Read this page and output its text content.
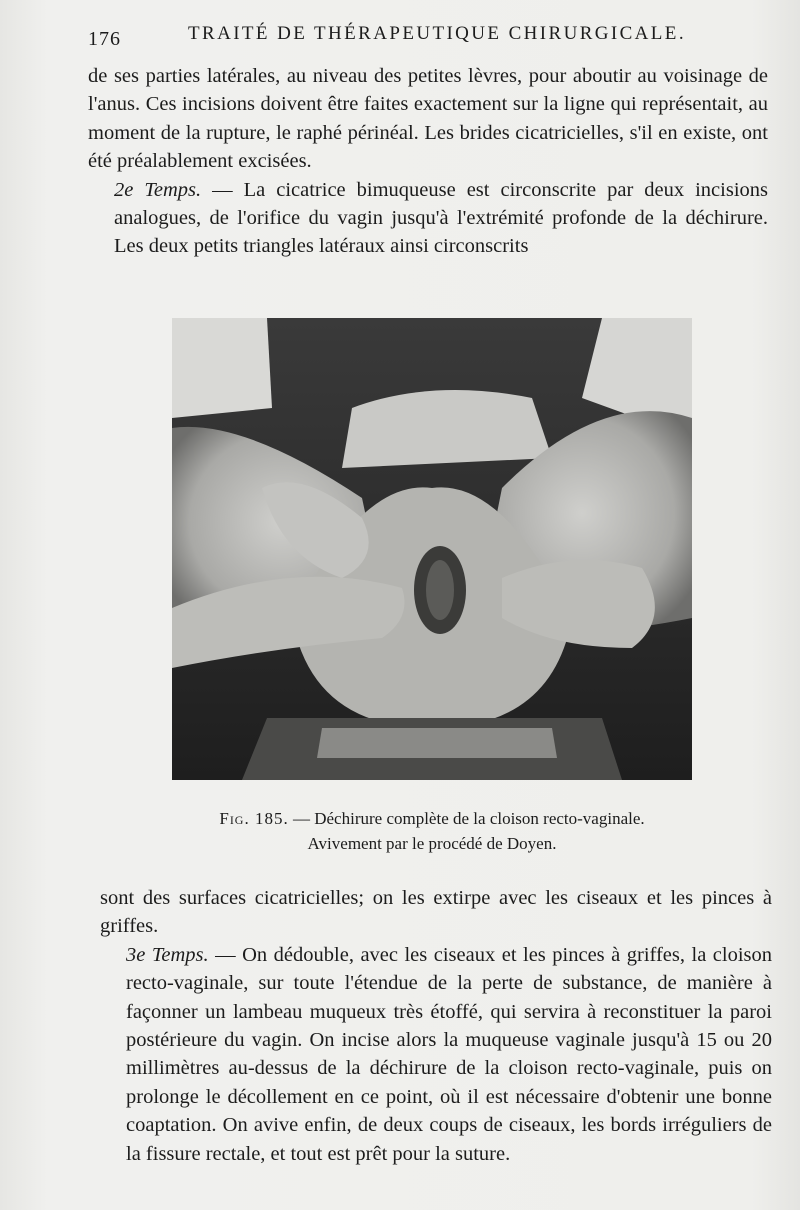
176	TRAITÉ DE THÉRAPEUTIQUE CHIRURGICALE.
de ses parties latérales, au niveau des petites lèvres, pour aboutir au voisinage de l'anus. Ces incisions doivent être faites exactement sur la ligne qui représentait, au moment de la rupture, le raphé périnéal. Les brides cicatricielles, s'il en existe, ont été préalablement excisées.
2e Temps. — La cicatrice bimuqueuse est circonscrite par deux incisions analogues, de l'orifice du vagin jusqu'à l'extrémité profonde de la déchirure. Les deux petits triangles latéraux ainsi circonscrits
Fig. 185. — Déchirure complète de la cloison recto-vaginale.
Avivement par le procédé de Doyen.
sont des surfaces cicatricielles; on les extirpe avec les ciseaux et les pinces à griffes.
3e Temps. — On dédouble, avec les ciseaux et les pinces à griffes, la cloison recto-vaginale, sur toute l'étendue de la perte de substance, de manière à façonner un lambeau muqueux très étoffé, qui servira à reconstituer la paroi postérieure du vagin. On incise alors la muqueuse vaginale jusqu'à 15 ou 20 millimètres au-dessus de la déchirure de la cloison recto-vaginale, puis on prolonge le décollement en ce point, où il est nécessaire d'obtenir une bonne coaptation. On avive enfin, de deux coups de ciseaux, les bords irréguliers de la fissure rectale, et tout est prêt pour la suture.
